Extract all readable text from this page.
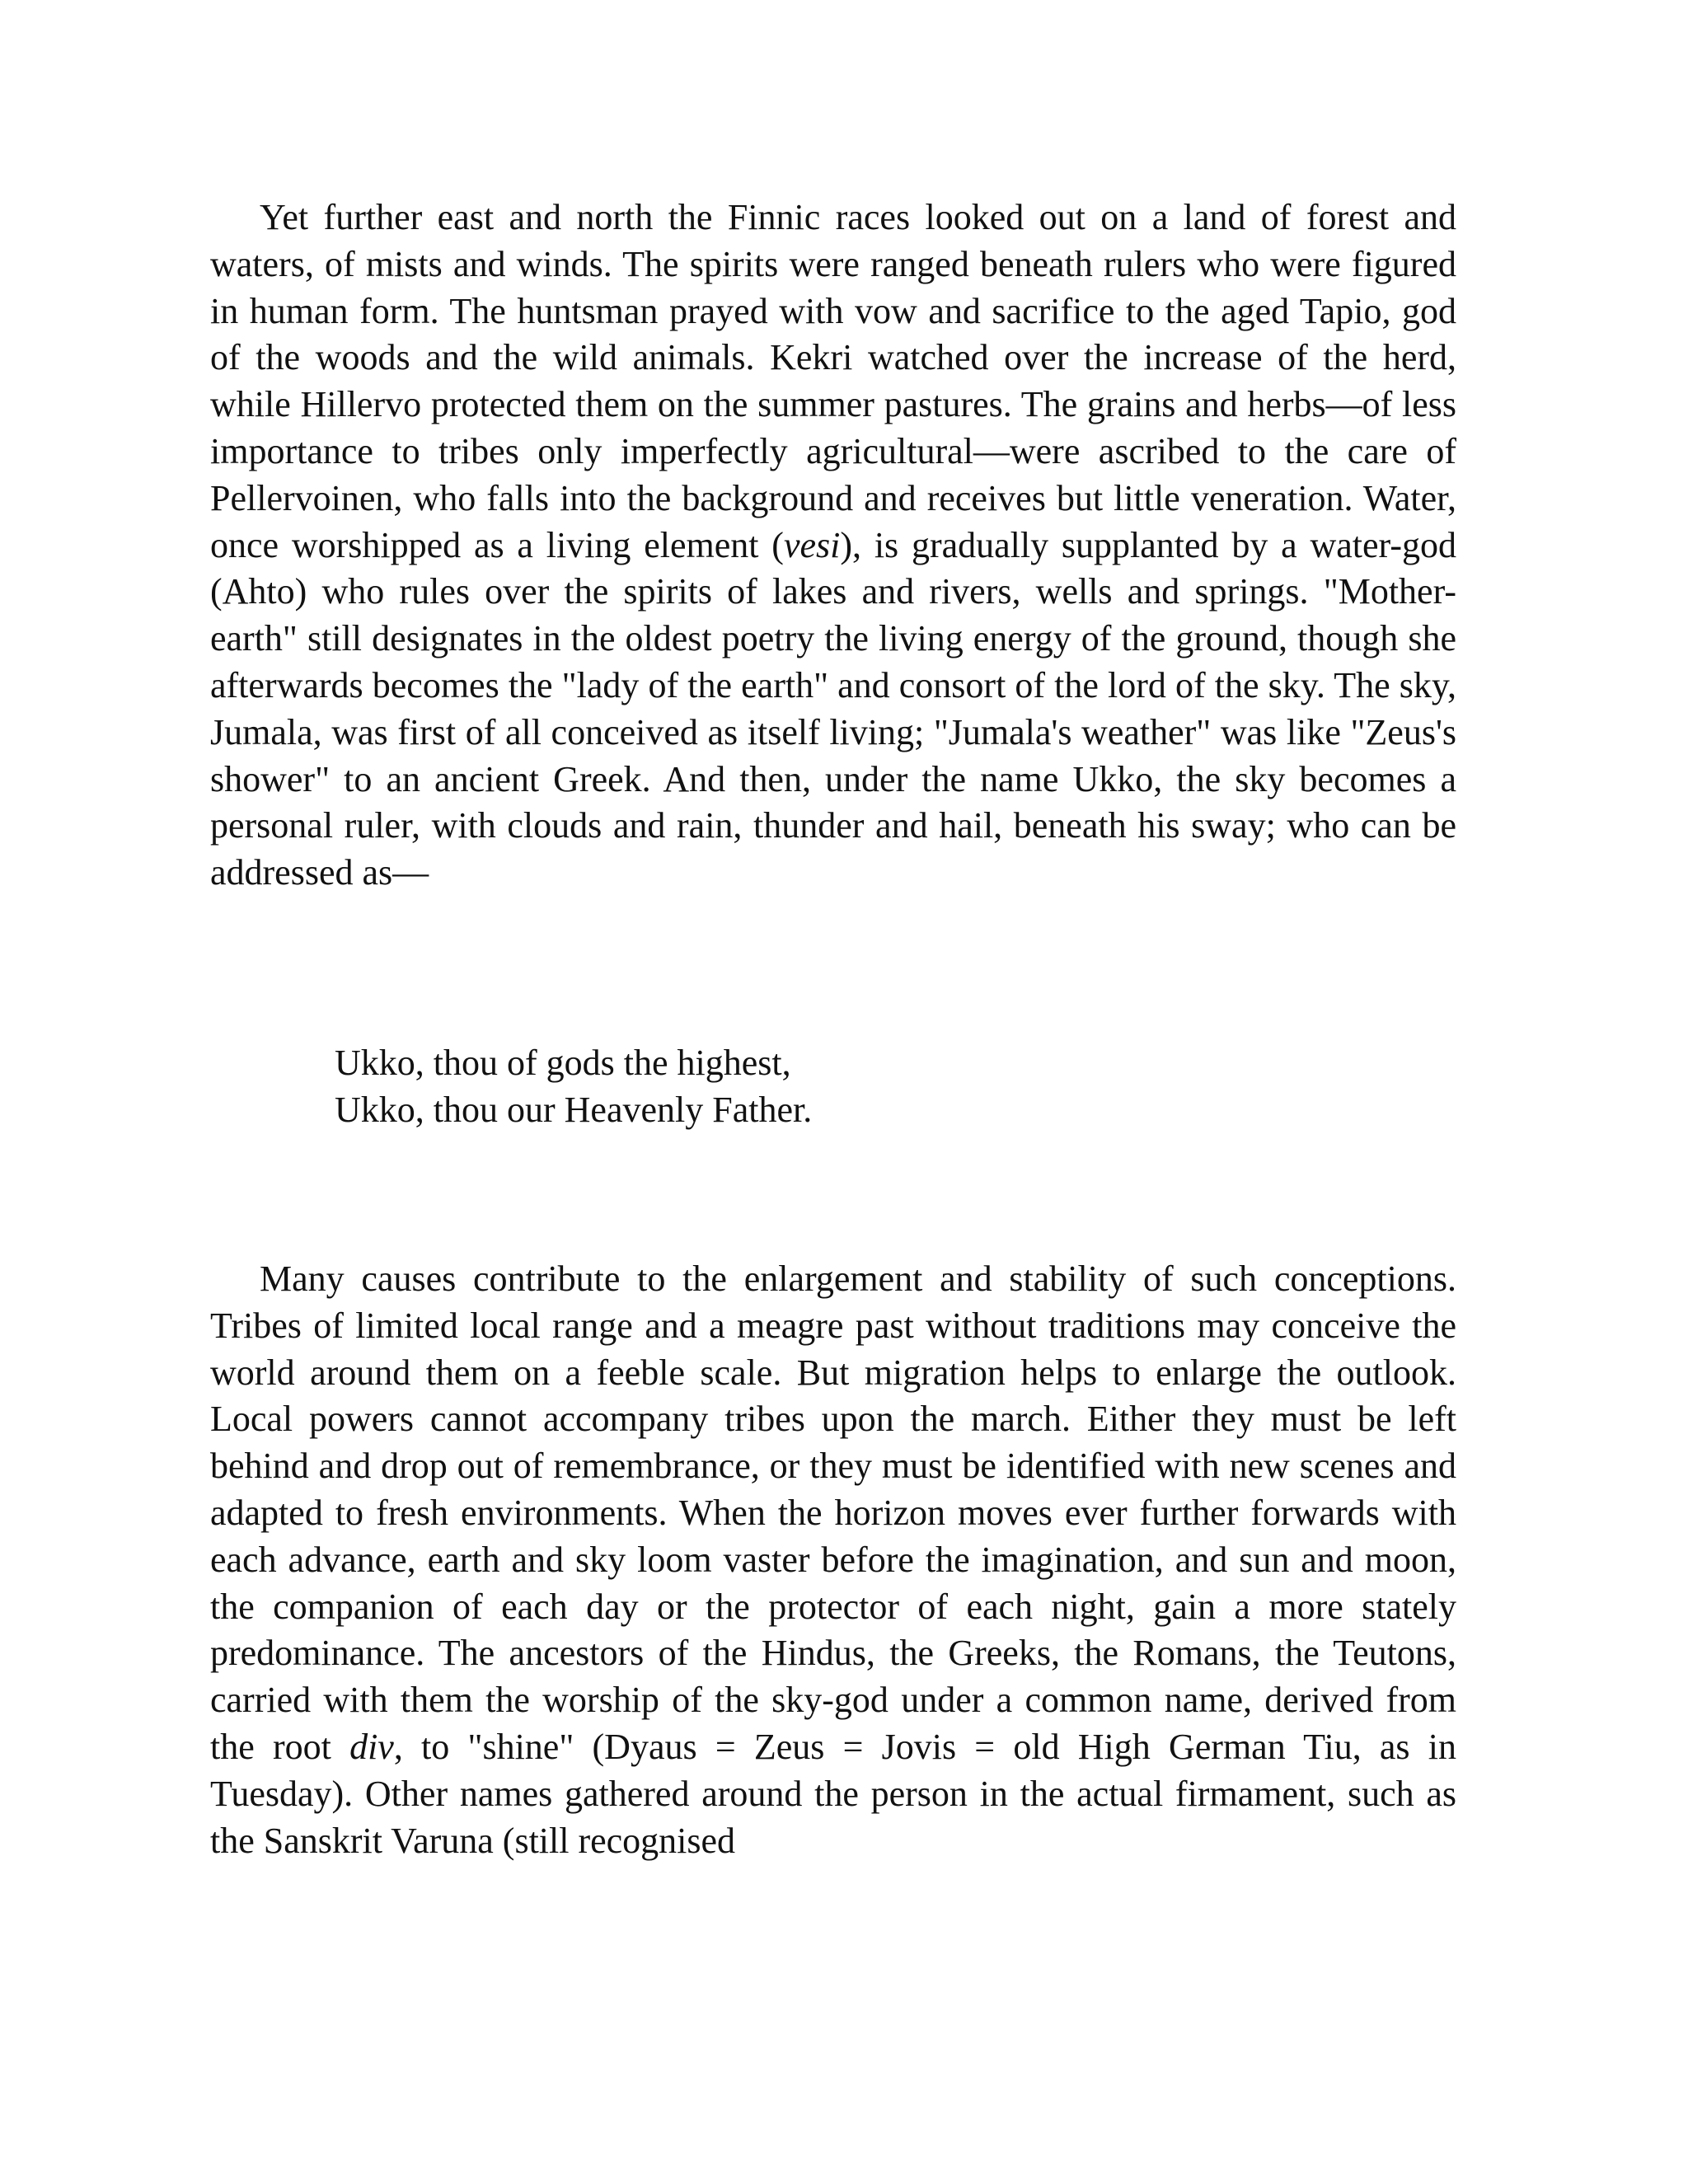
Yet further east and north the Finnic races looked out on a land of forest and waters, of mists and winds. The spirits were ranged beneath rulers who were figured in human form. The huntsman prayed with vow and sacrifice to the aged Tapio, god of the woods and the wild animals. Kekri watched over the increase of the herd, while Hillervo protected them on the summer pastures. The grains and herbs—of less importance to tribes only imperfectly agricultural—were ascribed to the care of Pellervoinen, who falls into the background and receives but little veneration. Water, once worshipped as a living element (vesi), is gradually supplanted by a water-god (Ahto) who rules over the spirits of lakes and rivers, wells and springs. "Mother-earth" still designates in the oldest poetry the living energy of the ground, though she afterwards becomes the "lady of the earth" and consort of the lord of the sky. The sky, Jumala, was first of all conceived as itself living; "Jumala's weather" was like "Zeus's shower" to an ancient Greek. And then, under the name Ukko, the sky becomes a personal ruler, with clouds and rain, thunder and hail, beneath his sway; who can be addressed as—

Ukko, thou of gods the highest,
Ukko, thou our Heavenly Father.

Many causes contribute to the enlargement and stability of such conceptions. Tribes of limited local range and a meagre past without traditions may conceive the world around them on a feeble scale. But migration helps to enlarge the outlook. Local powers cannot accompany tribes upon the march. Either they must be left behind and drop out of remembrance, or they must be identified with new scenes and adapted to fresh environments. When the horizon moves ever further forwards with each advance, earth and sky loom vaster before the imagination, and sun and moon, the companion of each day or the protector of each night, gain a more stately predominance. The ancestors of the Hindus, the Greeks, the Romans, the Teutons, carried with them the worship of the sky-god under a common name, derived from the root div, to "shine" (Dyaus = Zeus = Jovis = old High German Tiu, as in Tuesday). Other names gathered around the person in the actual firmament, such as the Sanskrit Varuna (still recognised
